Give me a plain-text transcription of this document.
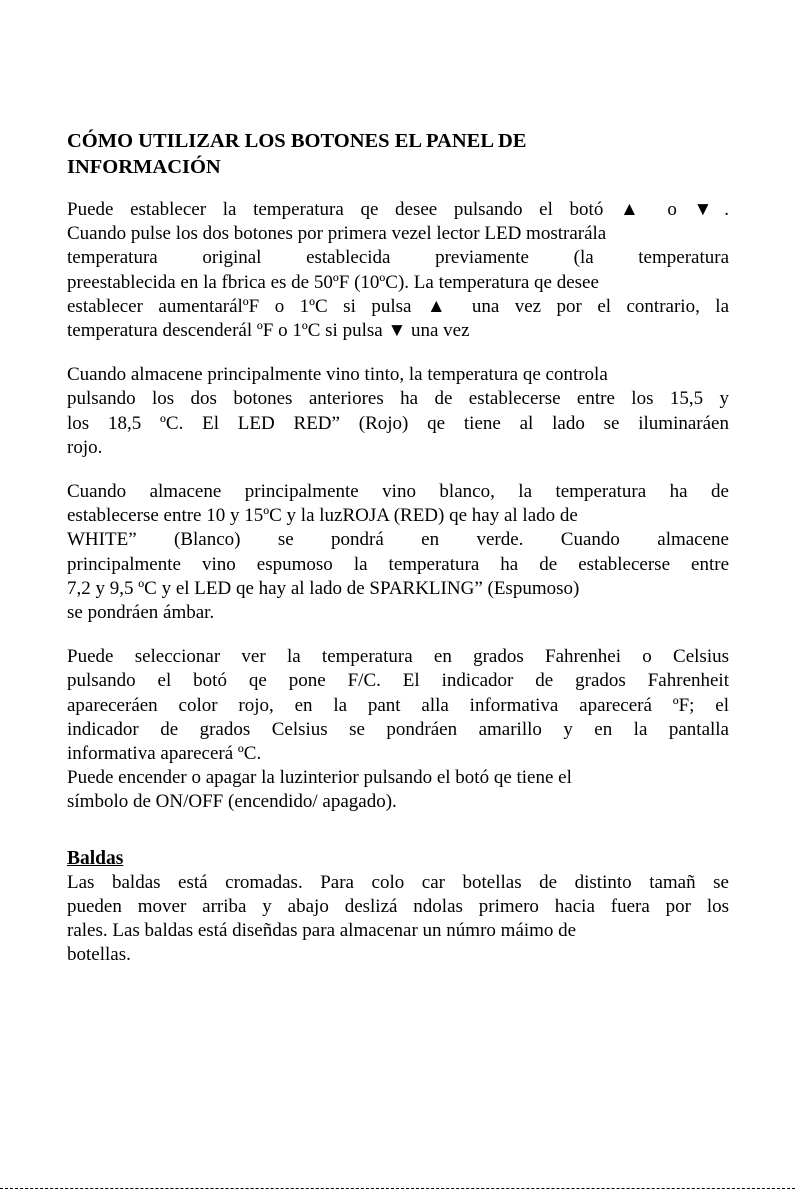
CÓMO UTILIZAR LOS BOTONES EL PANEL DE
INFORMACIÓN

Puede establecer la temperatura qe desee pulsando el botó ▲ o ▼.
Cuando pulse los dos botones por primera vezel lector LED mostrarála
temperatura original establecida previamente (la temperatura
preestablecida en la fbrica es de 50ºF (10ºC). La temperatura qe desee
establecer aumentarálºF o 1ºC si pulsa ▲ una vez por el contrario, la
temperatura descenderál ºF o 1ºC si pulsa ▼ una vez

Cuando almacene principalmente vino tinto, la temperatura qe controla
pulsando los dos botones anteriores ha de establecerse entre los 15,5 y
los 18,5 ºC. El LED RED” (Rojo) qe tiene al lado se iluminaráen
rojo.

Cuando almacene principalmente vino blanco, la temperatura ha de
establecerse entre 10 y 15ºC y la luzROJA (RED) qe hay al lado de
WHITE” (Blanco) se pondrá en verde. Cuando almacene
principalmente vino espumoso la temperatura ha de establecerse entre
7,2 y 9,5 ºC y el LED qe hay al lado de SPARKLING” (Espumoso)
se pondráen ámbar.

Puede seleccionar ver la temperatura en grados Fahrenhei o Celsius
pulsando el botó qe pone F/C. El indicador de grados Fahrenheit
apareceráen color rojo, en la pant alla informativa aparecerá ºF; el
indicador de grados Celsius se pondráen amarillo y en la pantalla
informativa aparecerá ºC.
Puede encender o apagar la luzinterior pulsando el botó qe tiene el
símbolo de ON/OFF (encendido/ apagado).

Baldas

Las baldas está cromadas. Para colo car botellas de distinto tamañ se
pueden mover arriba y abajo deslizá ndolas primero hacia fuera por los
rales. Las baldas está diseñdas para almacenar un númro máimo de
botellas.
